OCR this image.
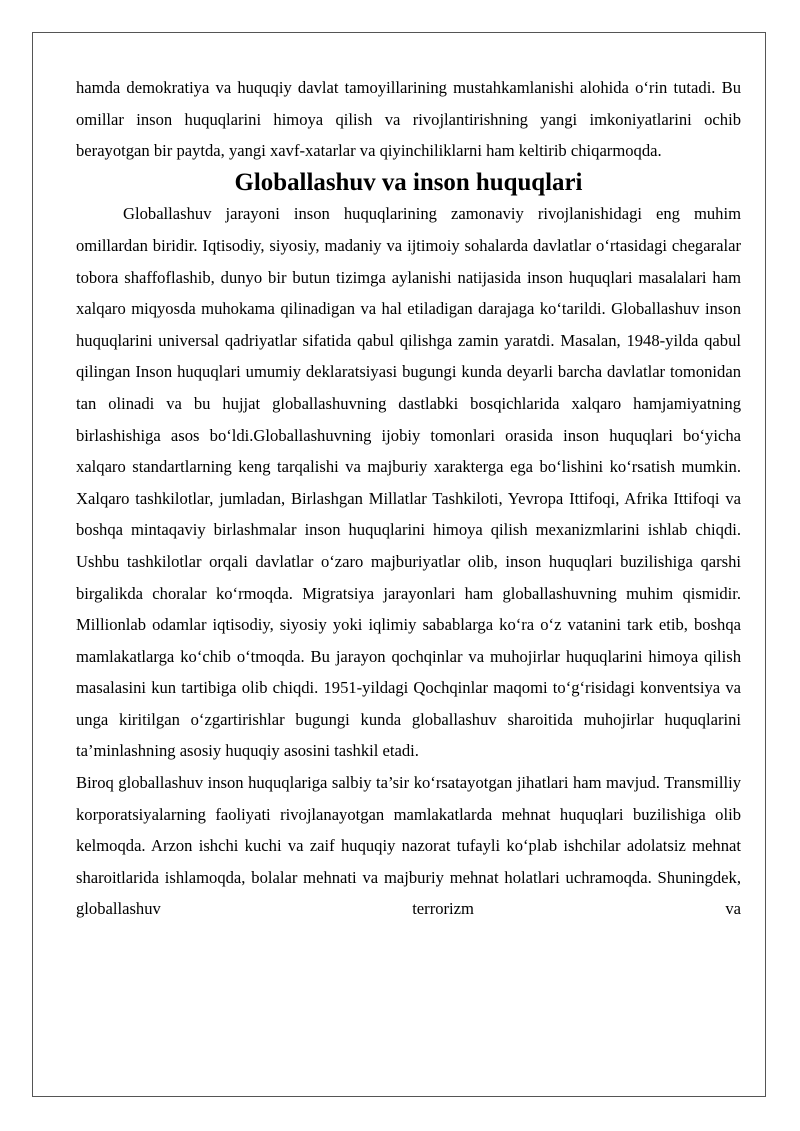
hamda demokratiya va huquqiy davlat tamoyillarining mustahkamlanishi alohida o‘rin tutadi. Bu omillar inson huquqlarini himoya qilish va rivojlantirishning yangi imkoniyatlarini ochib berayotgan bir paytda, yangi xavf-xatarlar va qiyinchiliklarni ham keltirib chiqarmoqda.

Globallashuv va inson huquqlari

Globallashuv jarayoni inson huquqlarining zamonaviy rivojlanishidagi eng muhim omillardan biridir. Iqtisodiy, siyosiy, madaniy va ijtimoiy sohalarda davlatlar o‘rtasidagi chegaralar tobora shaffoflashib, dunyo bir butun tizimga aylanishi natijasida inson huquqlari masalalari ham xalqaro miqyosda muhokama qilinadigan va hal etiladigan darajaga ko‘tarildi. Globallashuv inson huquqlarini universal qadriyatlar sifatida qabul qilishga zamin yaratdi. Masalan, 1948-yilda qabul qilingan Inson huquqlari umumiy deklaratsiyasi bugungi kunda deyarli barcha davlatlar tomonidan tan olinadi va bu hujjat globallashuvning dastlabki bosqichlarida xalqaro hamjamiyatning birlashishiga asos bo‘ldi.Globallashuvning ijobiy tomonlari orasida inson huquqlari bo‘yicha xalqaro standartlarning keng tarqalishi va majburiy xarakterga ega bo‘lishini ko‘rsatish mumkin. Xalqaro tashkilotlar, jumladan, Birlashgan Millatlar Tashkiloti, Yevropa Ittifoqi, Afrika Ittifoqi va boshqa mintaqaviy birlashmalar inson huquqlarini himoya qilish mexanizmlarini ishlab chiqdi. Ushbu tashkilotlar orqali davlatlar o‘zaro majburiyatlar olib, inson huquqlari buzilishiga qarshi birgalikda choralar ko‘rmoqda. Migratsiya jarayonlari ham globallashuvning muhim qismidir. Millionlab odamlar iqtisodiy, siyosiy yoki iqlimiy sabablarga ko‘ra o‘z vatanini tark etib, boshqa mamlakatlarga ko‘chib o‘tmoqda. Bu jarayon qochqinlar va muhojirlar huquqlarini himoya qilish masalasini kun tartibiga olib chiqdi. 1951-yildagi Qochqinlar maqomi to‘g‘risidagi konventsiya va unga kiritilgan o‘zgartirishlar bugungi kunda globallashuv sharoitida muhojirlar huquqlarini ta’minlashning asosiy huquqiy asosini tashkil etadi.

Biroq globallashuv inson huquqlariga salbiy ta’sir ko‘rsatayotgan jihatlari ham mavjud. Transmilliy korporatsiyalarning faoliyati rivojlanayotgan mamlakatlarda mehnat huquqlari buzilishiga olib kelmoqda. Arzon ishchi kuchi va zaif huquqiy nazorat tufayli ko‘plab ishchilar adolatsiz mehnat sharoitlarida ishlamoqda, bolalar mehnati va majburiy mehnat holatlari uchramoqda. Shuningdek, globallashuv terrorizm va
